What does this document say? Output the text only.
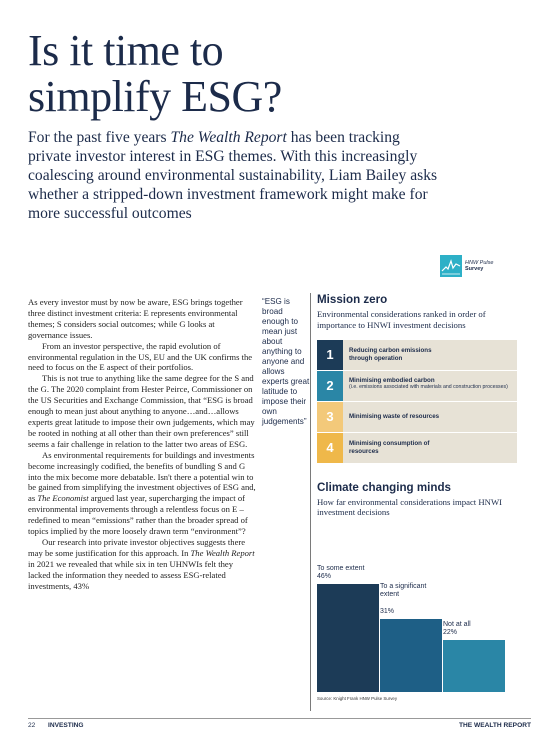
Is it time to
simplify ESG?

For the past five years The Wealth Report has been tracking private investor interest in ESG themes. With this increasingly coalescing around environmental sustainability, Liam Bailey asks whether a stripped-down investment framework might make for more successful outcomes

HNW Pulse
Survey

As every investor must by now be aware, ESG brings together three distinct investment criteria: E represents environmental themes; S considers social outcomes; while G looks at governance issues.

From an investor perspective, the rapid evolution of environmental regulation in the US, EU and the UK confirms the need to focus on the E aspect of their portfolios.

This is not true to anything like the same degree for the S and the G. The 2020 complaint from Hester Peirce, Commissioner on the US Securities and Exchange Commission, that “ESG is broad enough to mean just about anything to anyone…and…allows experts great latitude to impose their own judgements, which may be rooted in nothing at all other than their own preferences” still seems a fair challenge in relation to the latter two areas of ESG.

As environmental requirements for buildings and investments become increasingly codified, the benefits of bundling S and G into the mix become more debatable. Isn't there a potential win to be gained from simplifying the investment objectives of ESG and, as The Economist argued last year, supercharging the impact of environmental improvements through a relentless focus on E – redefined to mean “emissions” rather than the broader spread of topics implied by the more loosely drawn term “environment”?

Our research into private investor objectives suggests there may be some justification for this approach. In The Wealth Report in 2021 we revealed that while six in ten UHNWIs felt they lacked the information they needed to assess ESG-related investments, 43%

“ESG is broad enough to mean just about anything to anyone and allows experts great latitude to impose their own judgements”
Mission zero
Environmental considerations ranked in order of importance to HNWI investment decisions
1	Reducing carbon emissions through operation
2	Minimising embodied carbon
(i.e. emissions associated with materials and construction processes)
3	Minimising waste of resources
4	Minimising consumption of resources
Climate changing minds
How far environmental considerations impact HNWI investment decisions
To some extent
46%
To a significant extent
31%
Not at all
22%
Source: Knight Frank HNW Pulse Survey
22	INVESTING	THE WEALTH REPORT
